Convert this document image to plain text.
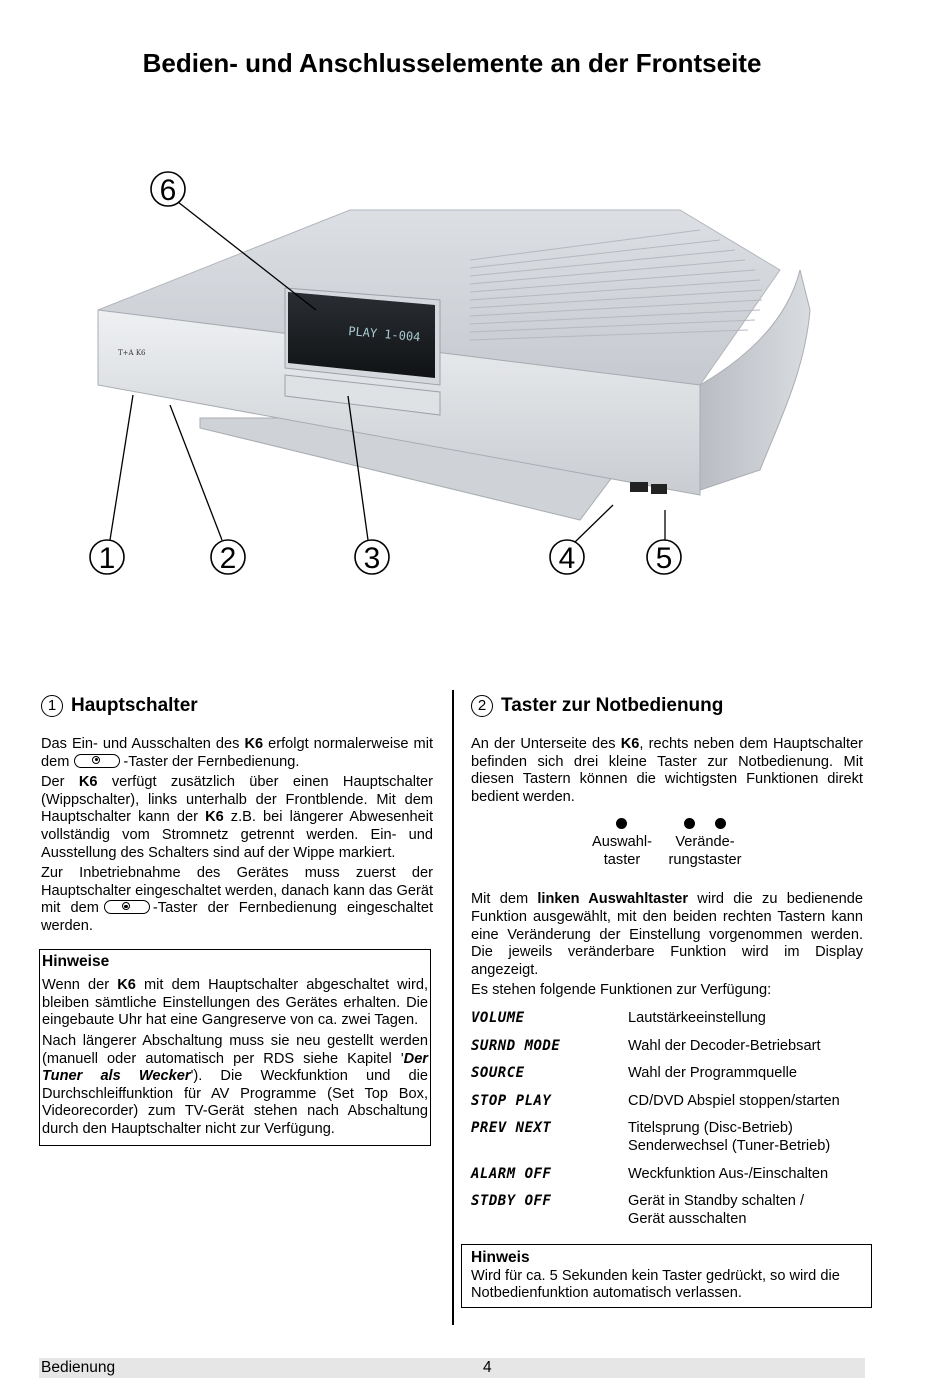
Bedien- und Anschlusselemente an der Frontseite
PLAY 1-004
T+A K6
6
1	2	3	4	5
1 Hauptschalter

Das Ein- und Ausschalten des K6 erfolgt normalerweise mit dem	-Taster der Fernbedienung.

Der K6 verfügt zusätzlich über einen Hauptschalter (Wippschalter), links unterhalb der Frontblende. Mit dem Hauptschalter kann der K6 z.B. bei längerer Abwesenheit vollständig vom Stromnetz getrennt werden. Ein- und Ausstellung des Schalters sind auf der Wippe markiert.

Zur Inbetriebnahme des Gerätes muss zuerst der Hauptschalter eingeschaltet werden, danach kann das Gerät mit dem	-Taster der Fernbedienung eingeschaltet werden.

Hinweise

Wenn der K6 mit dem Hauptschalter abgeschaltet wird, bleiben sämtliche Einstellungen des Gerätes erhalten. Die eingebaute Uhr hat eine Gangreserve von ca. zwei Tagen.

Nach längerer Abschaltung muss sie neu gestellt werden (manuell oder automatisch per RDS siehe Kapitel 'Der Tuner als Wecker'). Die Weckfunktion und die Durchschleiffunktion für AV Programme (Set Top Box, Videorecorder) zum TV-Gerät stehen nach Abschaltung durch den Hauptschalter nicht zur Verfügung.

2 Taster zur Notbedienung

An der Unterseite des K6, rechts neben dem Hauptschalter befinden sich drei kleine Taster zur Notbedienung. Mit diesen Tastern können die wichtigsten Funktionen direkt bedient werden.

Auswahl-
taster
Verände-
rungstaster

Mit dem linken Auswahltaster wird die zu bedienende Funktion ausgewählt, mit den beiden rechten Tastern kann eine Veränderung der Einstellung vorgenommen werden. Die jeweils veränderbare Funktion wird im Display angezeigt.

Es stehen folgende Funktionen zur Verfügung:

VOLUME	Lautstärkeeinstellung
SURND MODE	Wahl der Decoder-Betriebsart
SOURCE	Wahl der Programmquelle
STOP PLAY	CD/DVD Abspiel stoppen/starten
PREV NEXT	Titelsprung (Disc-Betrieb)
Senderwechsel (Tuner-Betrieb)
ALARM OFF	Weckfunktion Aus-/Einschalten
STDBY OFF	Gerät in Standby schalten /
Gerät ausschalten
Hinweis
Wird für ca. 5 Sekunden kein Taster gedrückt, so wird die Notbedienfunktion automatisch verlassen.
Bedienung	4
